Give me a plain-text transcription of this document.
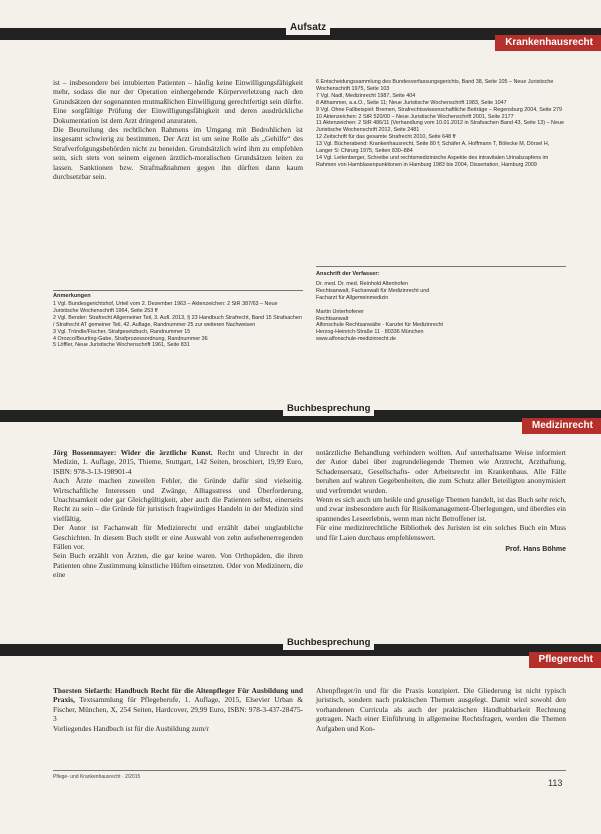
Aufsatz
Krankenhausrecht

ist – insbesondere bei intubierten Patienten – häufig keine Einwilligungsfähigkeit mehr, sodass die nur der Operation einhergehende Körperverletzung nach den Grundsätzen der sogenannten mutmaßlichen Einwilligung gerechtfertigt sein dürfte. Eine sorgfältige Prüfung der Einwilligungsfähigkeit und deren ausdrückliche Dokumentation ist dem Arzt dringend anzuraten.

Die Beurteilung des rechtlichen Rahmens im Umgang mit Bedrohlichen ist insgesamt schwierig zu bestimmen. Der Arzt ist um seine Rolle als „Gehilfe“ des Strafverfolgungsbehörden nicht zu beneiden. Grundsätzlich wird ihm zu empfehlen sein, sich stets von seinem eigenen ärztlich-moralischen Grundsätzen leiten zu lassen. Sanktionen bzw. Strafmaßnahmen gegen ihn dürften dann kaum durchsetzbar sein.

Anmerkungen

1 Vgl. Bundesgerichtshof, Urteil vom 2. Dezember 1963 – Aktenzeichen: 2 StR 387/63 – Neue Juristische Wochenschrift 1964, Seite 253 ff

2 Vgl. Bender: Strafrecht Allgemeiner Teil, 3. Aufl. 2013, § 23 Handbuch Strafrecht, Band 15 Strafsachen / Strafrecht AT gemeiner Teil, 42. Auflage, Randnummer 25 zur weiteren Nachweisen

3 Vgl. Tröndle/Fischer, Strafgesetzbuch, Randnummer 15

4 Orozco/Beurting-Gabe, Strafprozessordnung, Randnummer 36

5 Löffler, Neue Juristische Wochenschrift 1961, Seite 831

6 Entscheidungssammlung des Bundesverfassungsgerichts, Band 38, Seite 105 – Neue Juristische Wochenschrift 1975, Seite 103

7 Vgl. Nadl, Medizinrecht 1987, Seite 404

8 Althammer, a.a.O., Seite 11; Neue Juristische Wochenschrift 1983, Seite 1047

9 Vgl. Ohne Fallbeispiel: Bremen, Strafrechtswissenschaftliche Beiträge – Regensburg 2004, Seite 279

10 Aktenzeichen: 2 StR 520/00 – Neue Juristische Wochenschrift 2001, Seite 2177

11 Aktenzeichen: 2 StR 486/11 (Verhandlung vom 10.01.2012 in Strafsachen Band 43, Seite 13) – Neue Juristische Wochenschrift 2012, Seite 2481

12 Zeitschrift für das gesamte Strafrecht 2010, Seite 648 ff

13 Vgl. Bücherabend: Krankenhausrecht, Seite 80 f; Schäfer A, Hoffmann T, Bölecke M, Dörsel H, Langer S: Chirurg 1975, Seiten 830–884

14 Vgl. Leitenberger, Schreibe und rechtsmedizinische Aspekte des intravitalen Urinabzapfens im Rahmen von Harnblasenpunktionen in Hamburg 1983 bis 2004, Dissertation, Hamburg 2009

Anschrift der Verfasser:

Dr. med. Dr. med. Reinhold Altenhofen

Rechtsanwalt, Fachanwalt für Medizinrecht und

Facharzt für Allgemeinmedizin

Martin Unterhofener

Rechtsanwalt

Alfonschule Rechtsanwälte · Kanzlei für Medizinrecht

Herzog-Heinrich-Straße 11 · 80336 München

www.alfonschule-medizinrecht.de

Buchbesprechung
Medizinrecht

Jörg Bossenmayer: Wider die ärztliche Kunst. Recht und Unrecht in der Medizin, 1. Auflage, 2015, Thieme, Stuttgart, 142 Seiten, broschiert, 19,99 Euro, ISBN: 978-3-13-198901-4

Auch Ärzte machen zuweilen Fehler, die Gründe dafür sind vielseitig. Wirtschaftliche Interessen und Zwänge, Alltagsstress und Überforderung, Unachtsamkeit oder gar Gleichgültigkeit, aber auch die Patienten selbst, einerseits Recht zu sein – die Gründe für juristisch fragwürdiges Handeln in der Medizin sind vielfältig.

Der Autor ist Fachanwalt für Medizinrecht und erzählt dabei unglaubliche Geschichten. In diesem Buch stellt er eine Auswahl von zehn aufsehenerregenden Fällen vor.

Sein Buch erzählt von Ärzten, die gar keine waren. Von Orthopäden, die ihren Patienten ohne Zustimmung künstliche Hüften einsetzten. Oder von Medizinern, die eine

notärztliche Behandlung verhindern wollten. Auf unterhaltsame Weise informiert der Autor dabei über zugrundeliegende Themen wie Arztrecht, Arzthaftung, Schadensersatz, Gesellschafts- oder Arbeitsrecht im Krankenhaus. Alle Fälle beruhen auf wahren Gegebenheiten, die zum Schutz aller Beteiligten anonymisiert und verfremdet wurden.

Wenn es sich auch um heikle und gruselige Themen handelt, ist das Buch sehr reich, und zwar insbesondere auch für Risikomanagement-Überlegungen, und überdies ein spannendes Leseerlebnis, wenn man nicht Betroffener ist.

Für eine medizinrechtliche Bibliothek des Juristen ist ein solches Buch ein Muss und für Laien durchaus empfehlenswert.

Prof. Hans Böhme

Buchbesprechung
Pflegerecht

Thorsten Siefarth: Handbuch Recht für die Altenpfleger Für Ausbildung und Praxis, Textsammlung für Pflegeberufe, 1. Auflage, 2015, Elsevier Urban & Fischer, München, X, 254 Seiten, Hardcover, 29,99 Euro, ISBN: 978-3-437-28475-3

Vorliegendes Handbuch ist für die Ausbildung zum/r

Altenpfleger/in und für die Praxis konzipiert. Die Gliederung ist nicht typisch juristisch, sondern nach praktischen Themen ausgelegt. Damit wird sowohl den vorhandenen Curricula als auch der praktischen Handhabbarkeit Rechnung getragen. Nach einer Einführung in allgemeine Rechtsfragen, werden die Themen Aufgaben und Kon-

Pflege- und Krankenhausrecht · 2/2015
113
